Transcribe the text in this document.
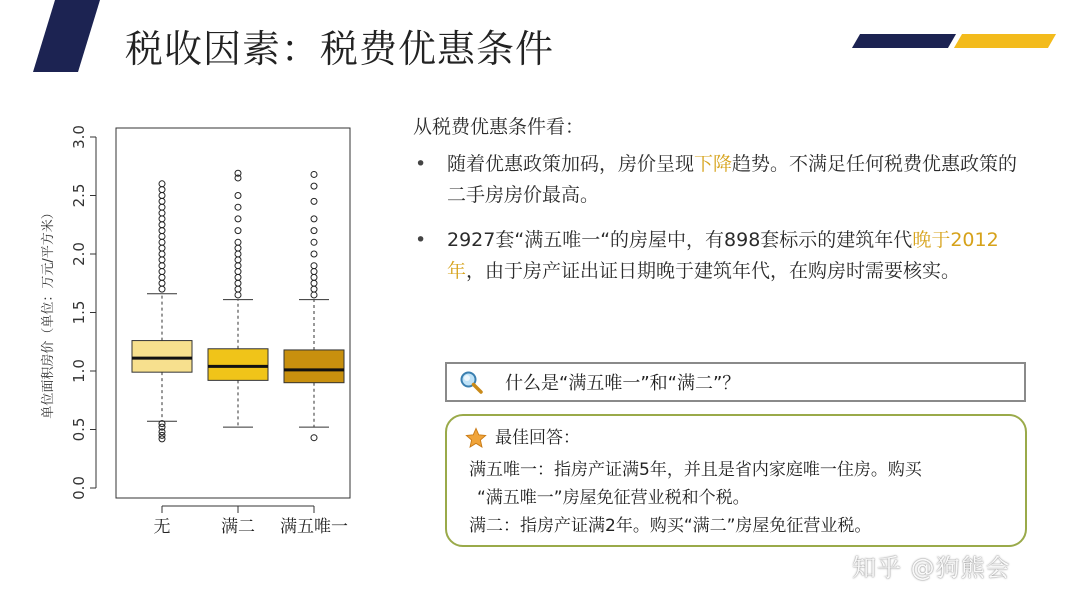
税收因素：税费优惠条件
0.0
0.5
1.0
1.5
2.0
2.5
3.0
单位面积房价（单位：万元/平方米）
无	满二 满五唯一
从税费优惠条件看：
• 随着优惠政策加码，房价呈现下降趋势。不满足任何税费优惠政策的二手房房价最高。
• 2927套“满五唯一“的房屋中，有898套标示的建筑年代晚于2012年，由于房产证出证日期晚于建筑年代，在购房时需要核实。
什么是“满五唯一”和“满二”？
最佳回答：
满五唯一：指房产证满5年，并且是省内家庭唯一住房。购买
“满五唯一”房屋免征营业税和个税。
满二：指房产证满2年。购买“满二”房屋免征营业税。
知乎 @狗熊会
